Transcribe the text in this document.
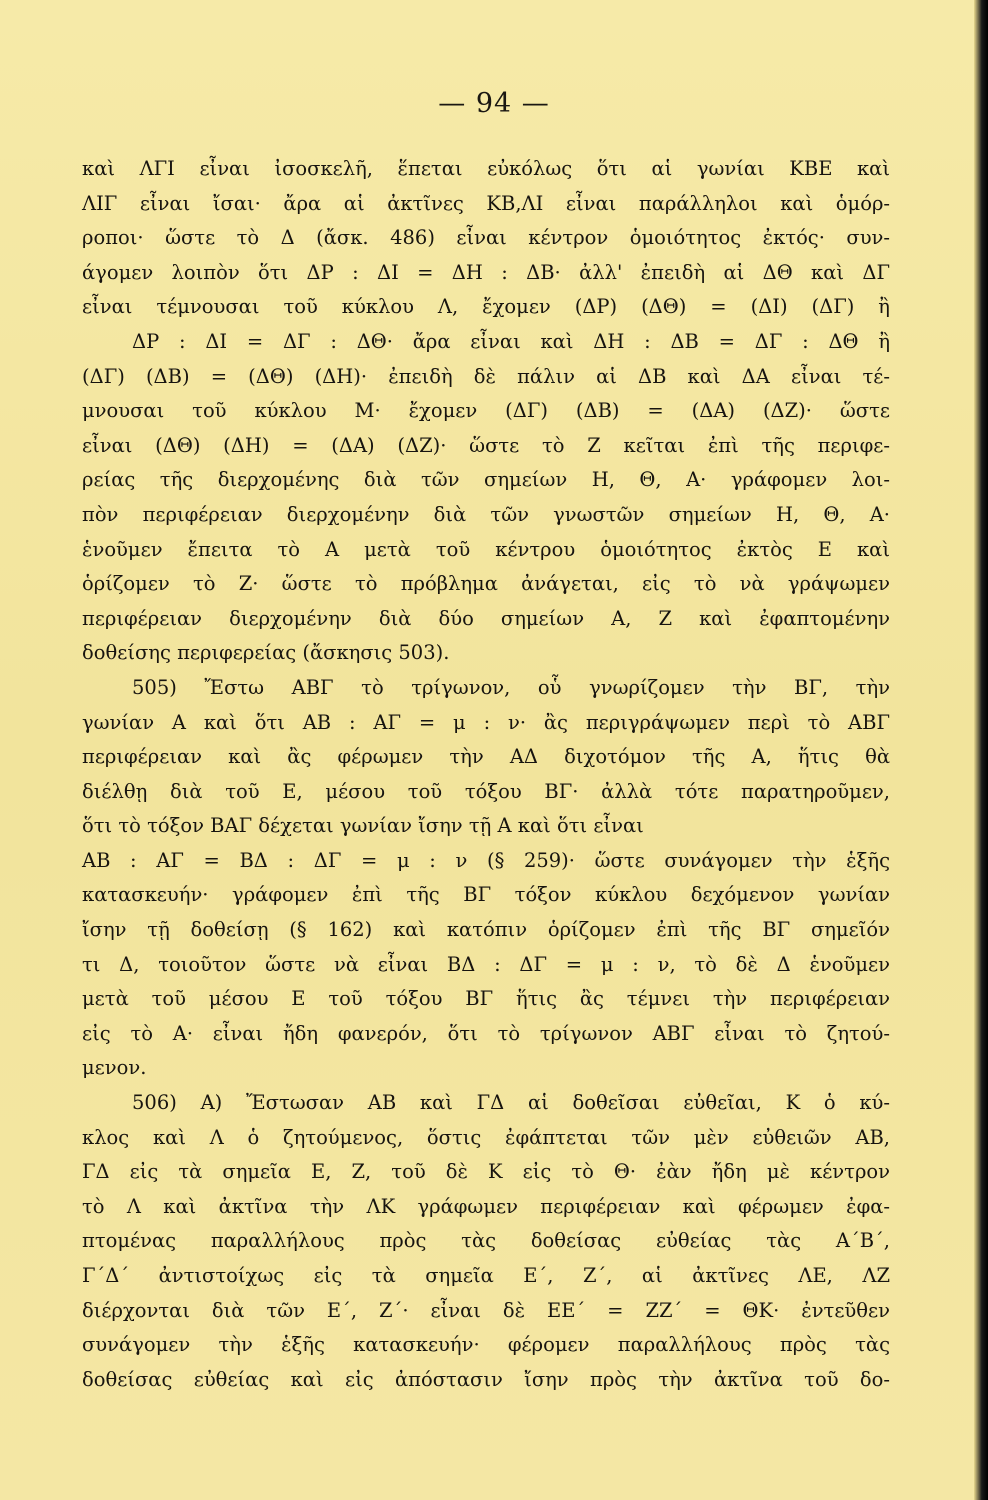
— 94 —
καὶ ΛΓΙ εἶναι ἰσοσκελῆ, ἕπεται εὐκόλως ὅτι αἱ γωνίαι ΚΒΕ καὶ
ΛΙΓ εἶναι ἴσαι· ἄρα αἱ ἀκτῖνες ΚΒ,ΛΙ εἶναι παράλληλοι καὶ ὁμόρ-
ροποι· ὥστε τὸ Δ (ἄσκ. 486) εἶναι κέντρον ὁμοιότητος ἐκτός· συν-
άγομεν λοιπὸν ὅτι ΔΡ : ΔΙ = ΔΗ : ΔΒ· ἀλλ' ἐπειδὴ αἱ ΔΘ καὶ ΔΓ
εἶναι τέμνουσαι τοῦ κύκλου Λ, ἔχομεν (ΔΡ) (ΔΘ) = (ΔΙ) (ΔΓ) ἢ
ΔΡ : ΔΙ = ΔΓ : ΔΘ· ἄρα εἶναι καὶ ΔΗ : ΔΒ = ΔΓ : ΔΘ ἢ
(ΔΓ) (ΔΒ) = (ΔΘ) (ΔΗ)· ἐπειδὴ δὲ πάλιν αἱ ΔΒ καὶ ΔΑ εἶναι τέ-
μνουσαι τοῦ κύκλου Μ· ἔχομεν (ΔΓ) (ΔΒ) = (ΔΑ) (ΔΖ)· ὥστε
εἶναι (ΔΘ) (ΔΗ) = (ΔΑ) (ΔΖ)· ὥστε τὸ Ζ κεῖται ἐπὶ τῆς περιφε-
ρείας τῆς διερχομένης διὰ τῶν σημείων Η, Θ, Α· γράφομεν λοι-
πὸν περιφέρειαν διερχομένην διὰ τῶν γνωστῶν σημείων Η, Θ, Α·
ἑνοῦμεν ἔπειτα τὸ Α μετὰ τοῦ κέντρου ὁμοιότητος ἐκτὸς Ε καὶ
ὁρίζομεν τὸ Ζ· ὥστε τὸ πρόβλημα ἀνάγεται, εἰς τὸ νὰ γράψωμεν
περιφέρειαν διερχομένην διὰ δύο σημείων Α, Ζ καὶ ἐφαπτομένην
δοθείσης περιφερείας (ἄσκησις 503).
505) Ἔστω ΑΒΓ τὸ τρίγωνον, οὗ γνωρίζομεν τὴν ΒΓ, τὴν
γωνίαν Α καὶ ὅτι ΑΒ : ΑΓ = μ : ν· ἂς περιγράψωμεν περὶ τὸ ΑΒΓ
περιφέρειαν καὶ ἂς φέρωμεν τὴν ΑΔ διχοτόμον τῆς Α, ἥτις θὰ
διέλθῃ διὰ τοῦ Ε, μέσου τοῦ τόξου ΒΓ· ἀλλὰ τότε παρατηροῦμεν,
ὅτι τὸ τόξον ΒΑΓ δέχεται γωνίαν ἴσην τῇ Α καὶ ὅτι εἶναι
ΑΒ : ΑΓ = ΒΔ : ΔΓ = μ : ν (§ 259)· ὥστε συνάγομεν τὴν ἑξῆς
κατασκευήν· γράφομεν ἐπὶ τῆς ΒΓ τόξον κύκλου δεχόμενον γωνίαν
ἴσην τῇ δοθείσῃ (§ 162) καὶ κατόπιν ὁρίζομεν ἐπὶ τῆς ΒΓ σημεῖόν
τι Δ, τοιοῦτον ὥστε νὰ εἶναι ΒΔ : ΔΓ = μ : ν, τὸ δὲ Δ ἑνοῦμεν
μετὰ τοῦ μέσου Ε τοῦ τόξου ΒΓ ἥτις ἂς τέμνει τὴν περιφέρειαν
εἰς τὸ Α· εἶναι ἤδη φανερόν, ὅτι τὸ τρίγωνον ΑΒΓ εἶναι τὸ ζητού-
μενον.
506) Α) Ἔστωσαν ΑΒ καὶ ΓΔ αἱ δοθεῖσαι εὐθεῖαι, Κ ὁ κύ-
κλος καὶ Λ ὁ ζητούμενος, ὅστις ἐφάπτεται τῶν μὲν εὐθειῶν ΑΒ,
ΓΔ εἰς τὰ σημεῖα Ε, Ζ, τοῦ δὲ Κ εἰς τὸ Θ· ἐὰν ἤδη μὲ κέντρον
τὸ Λ καὶ ἀκτῖνα τὴν ΛΚ γράφωμεν περιφέρειαν καὶ φέρωμεν ἐφα-
πτομένας παραλλήλους πρὸς τὰς δοθείσας εὐθείας τὰς Α΄Β΄,
Γ΄Δ΄ ἀντιστοίχως εἰς τὰ σημεῖα Ε΄, Ζ΄, αἱ ἀκτῖνες ΛΕ, ΛΖ
διέρχονται διὰ τῶν Ε΄, Ζ΄· εἶναι δὲ ΕΕ΄ = ΖΖ΄ = ΘΚ· ἐντεῦθεν
συνάγομεν τὴν ἑξῆς κατασκευήν· φέρομεν παραλλήλους πρὸς τὰς
δοθείσας εὐθείας καὶ εἰς ἀπόστασιν ἴσην πρὸς τὴν ἀκτῖνα τοῦ δο-
